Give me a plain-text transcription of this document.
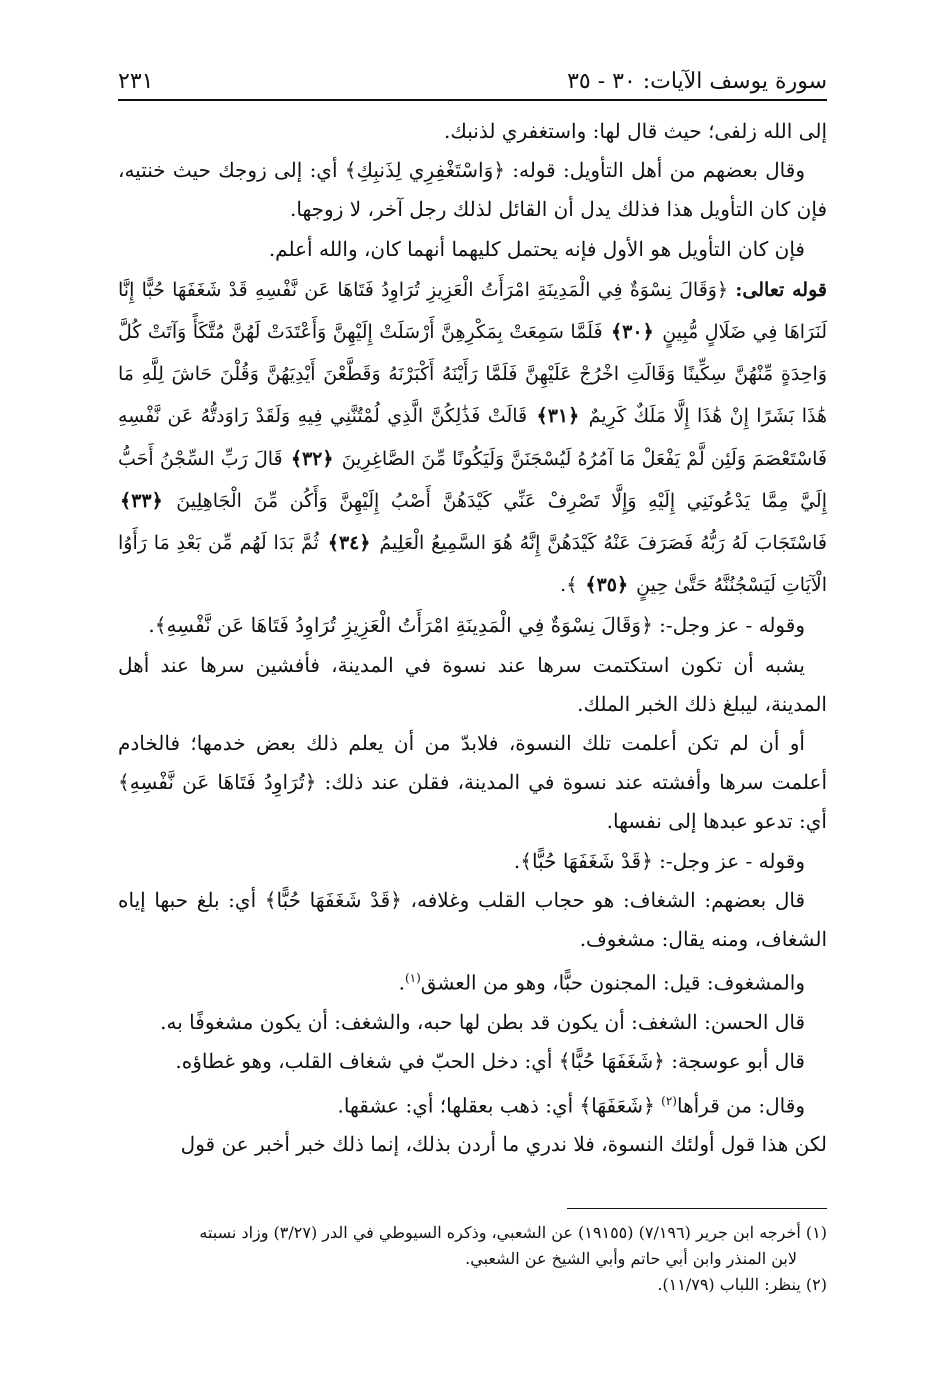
سورة يوسف الآيات: ٣٠ - ٣٥
٢٣١

إلى الله زلفى؛ حيث قال لها: واستغفري لذنبك.

وقال بعضهم من أهل التأويل: قوله: ﴿وَاسْتَغْفِرِي لِذَنبِكِ﴾ أي: إلى زوجك حيث خنتيه، فإن كان التأويل هذا فذلك يدل أن القائل لذلك رجل آخر، لا زوجها.

فإن كان التأويل هو الأول فإنه يحتمل كليهما أنهما كان، والله أعلم.

قوله تعالى: ﴿وَقَالَ نِسْوَةٌ فِي الْمَدِينَةِ امْرَأَتُ الْعَزِيزِ تُرَاوِدُ فَتَاهَا عَن نَّفْسِهِ قَدْ شَغَفَهَا حُبًّا إِنَّا لَنَرَاهَا فِي ضَلَالٍ مُّبِينٍ ﴿٣٠﴾ فَلَمَّا سَمِعَتْ بِمَكْرِهِنَّ أَرْسَلَتْ إِلَيْهِنَّ وَأَعْتَدَتْ لَهُنَّ مُتَّكَأً وَآتَتْ كُلَّ وَاحِدَةٍ مِّنْهُنَّ سِكِّينًا وَقَالَتِ اخْرُجْ عَلَيْهِنَّ فَلَمَّا رَأَيْنَهُ أَكْبَرْنَهُ وَقَطَّعْنَ أَيْدِيَهُنَّ وَقُلْنَ حَاشَ لِلَّهِ مَا هَٰذَا بَشَرًا إِنْ هَٰذَا إِلَّا مَلَكٌ كَرِيمٌ ﴿٣١﴾ قَالَتْ فَذَٰلِكُنَّ الَّذِي لُمْتُنَّنِي فِيهِ وَلَقَدْ رَاوَدتُّهُ عَن نَّفْسِهِ فَاسْتَعْصَمَ وَلَئِن لَّمْ يَفْعَلْ مَا آمُرُهُ لَيُسْجَنَنَّ وَلَيَكُونًا مِّنَ الصَّاغِرِينَ ﴿٣٢﴾ قَالَ رَبِّ السِّجْنُ أَحَبُّ إِلَيَّ مِمَّا يَدْعُونَنِي إِلَيْهِ وَإِلَّا تَصْرِفْ عَنِّي كَيْدَهُنَّ أَصْبُ إِلَيْهِنَّ وَأَكُن مِّنَ الْجَاهِلِينَ ﴿٣٣﴾ فَاسْتَجَابَ لَهُ رَبُّهُ فَصَرَفَ عَنْهُ كَيْدَهُنَّ إِنَّهُ هُوَ السَّمِيعُ الْعَلِيمُ ﴿٣٤﴾ ثُمَّ بَدَا لَهُم مِّن بَعْدِ مَا رَأَوُا الْآيَاتِ لَيَسْجُنُنَّهُ حَتَّىٰ حِينٍ ﴿٣٥﴾ ﴾.

وقوله - عز وجل-: ﴿وَقَالَ نِسْوَةٌ فِي الْمَدِينَةِ امْرَأَتُ الْعَزِيزِ تُرَاوِدُ فَتَاهَا عَن نَّفْسِهِ﴾.

يشبه أن تكون استكتمت سرها عند نسوة في المدينة، فأفشين سرها عند أهل المدينة، ليبلغ ذلك الخبر الملك.

أو أن لم تكن أعلمت تلك النسوة، فلابدّ من أن يعلم ذلك بعض خدمها؛ فالخادم أعلمت سرها وأفشته عند نسوة في المدينة، فقلن عند ذلك: ﴿تُرَاوِدُ فَتَاهَا عَن نَّفْسِهِ﴾ أي: تدعو عبدها إلى نفسها.

وقوله - عز وجل-: ﴿قَدْ شَغَفَهَا حُبًّا﴾.

قال بعضهم: الشغاف: هو حجاب القلب وغلافه، ﴿قَدْ شَغَفَهَا حُبًّا﴾ أي: بلغ حبها إياه الشغاف، ومنه يقال: مشغوف.

والمشغوف: قيل: المجنون حبًّا، وهو من العشق$^{(١)}$.

قال الحسن: الشغف: أن يكون قد بطن لها حبه، والشغف: أن يكون مشغوفًا به.

قال أبو عوسجة: ﴿شَغَفَهَا حُبًّا﴾ أي: دخل الحبّ في شغاف القلب، وهو غطاؤه.

وقال: من قرأها$^{(٢)}$ ﴿شَعَفَهَا﴾ أي: ذهب بعقلها؛ أي: عشقها.

لكن هذا قول أولئك النسوة، فلا ندري ما أردن بذلك، إنما ذلك خبر أخبر عن قول

(١) أخرجه ابن جرير (٧/١٩٦) (١٩١٥٥) عن الشعبي، وذكره السيوطي في الدر (٣/٢٧) وزاد نسبته

لابن المنذر وابن أبي حاتم وأبي الشيخ عن الشعبي.

(٢) ينظر: اللباب (١١/٧٩).
